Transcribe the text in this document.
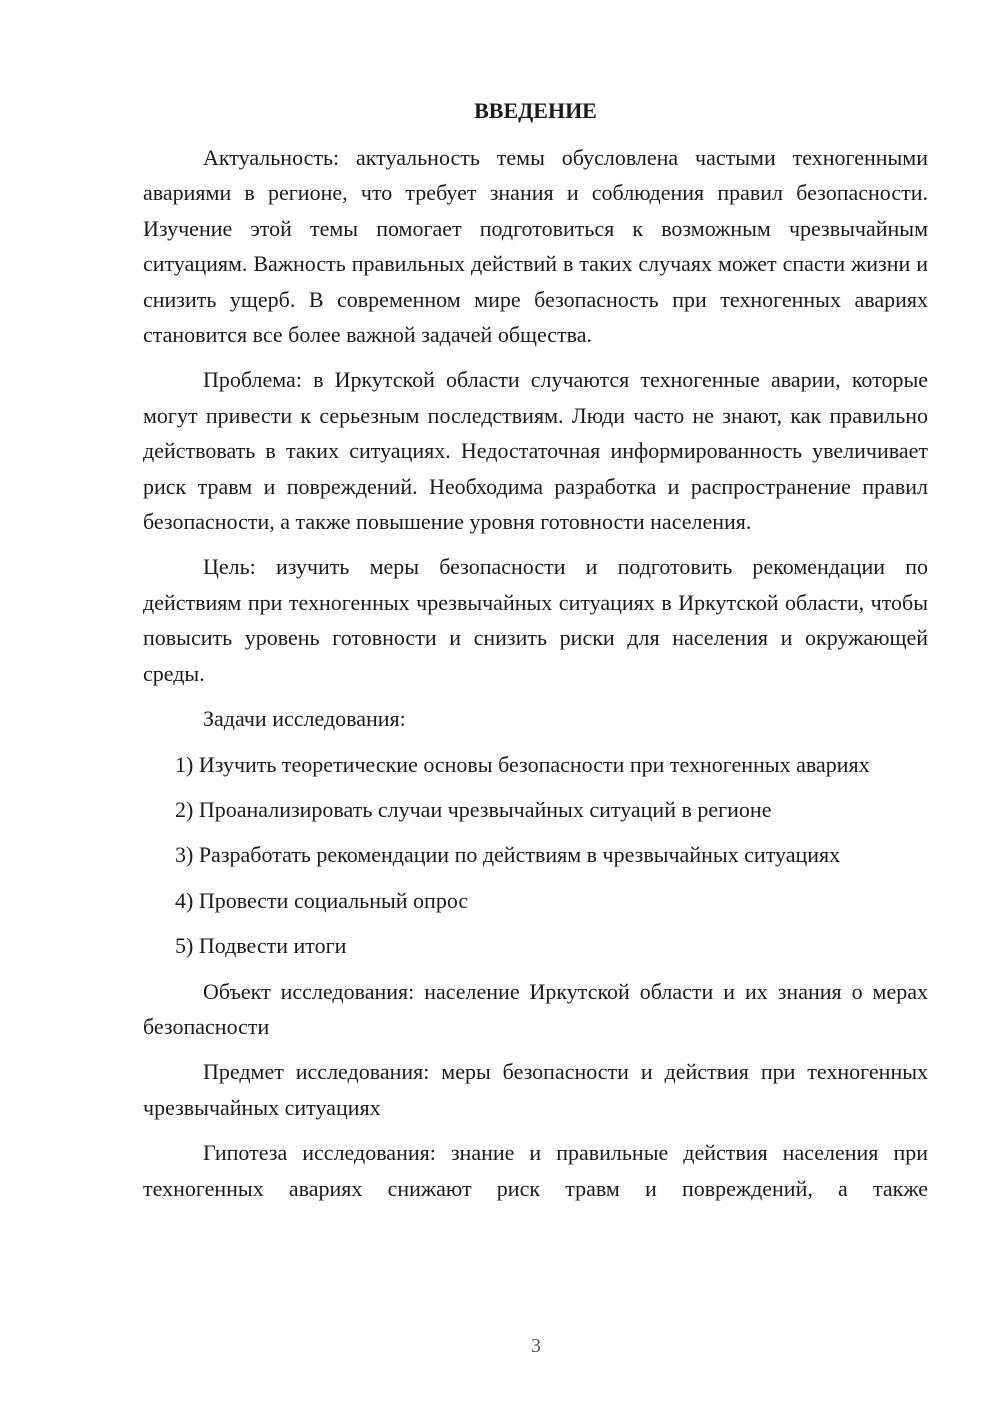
ВВЕДЕНИЕ

Актуальность: актуальность темы обусловлена частыми техногенными авариями в регионе, что требует знания и соблюдения правил безопасности. Изучение этой темы помогает подготовиться к возможным чрезвычайным ситуациям. Важность правильных действий в таких случаях может спасти жизни и снизить ущерб. В современном мире безопасность при техногенных авариях становится все более важной задачей общества.

Проблема: в Иркутской области случаются техногенные аварии, которые могут привести к серьезным последствиям. Люди часто не знают, как правильно действовать в таких ситуациях. Недостаточная информированность увеличивает риск травм и повреждений. Необходима разработка и распространение правил безопасности, а также повышение уровня готовности населения.

Цель: изучить меры безопасности и подготовить рекомендации по действиям при техногенных чрезвычайных ситуациях в Иркутской области, чтобы повысить уровень готовности и снизить риски для населения и окружающей среды.

Задачи исследования:

1) Изучить теоретические основы безопасности при техногенных авариях

2) Проанализировать случаи чрезвычайных ситуаций в регионе

3) Разработать рекомендации по действиям в чрезвычайных ситуациях

4) Провести социальный опрос

5) Подвести итоги

Объект исследования: население Иркутской области и их знания о мерах безопасности

Предмет исследования: меры безопасности и действия при техногенных чрезвычайных ситуациях

Гипотеза исследования: знание и правильные действия населения при техногенных авариях снижают риск травм и повреждений, а также

3
